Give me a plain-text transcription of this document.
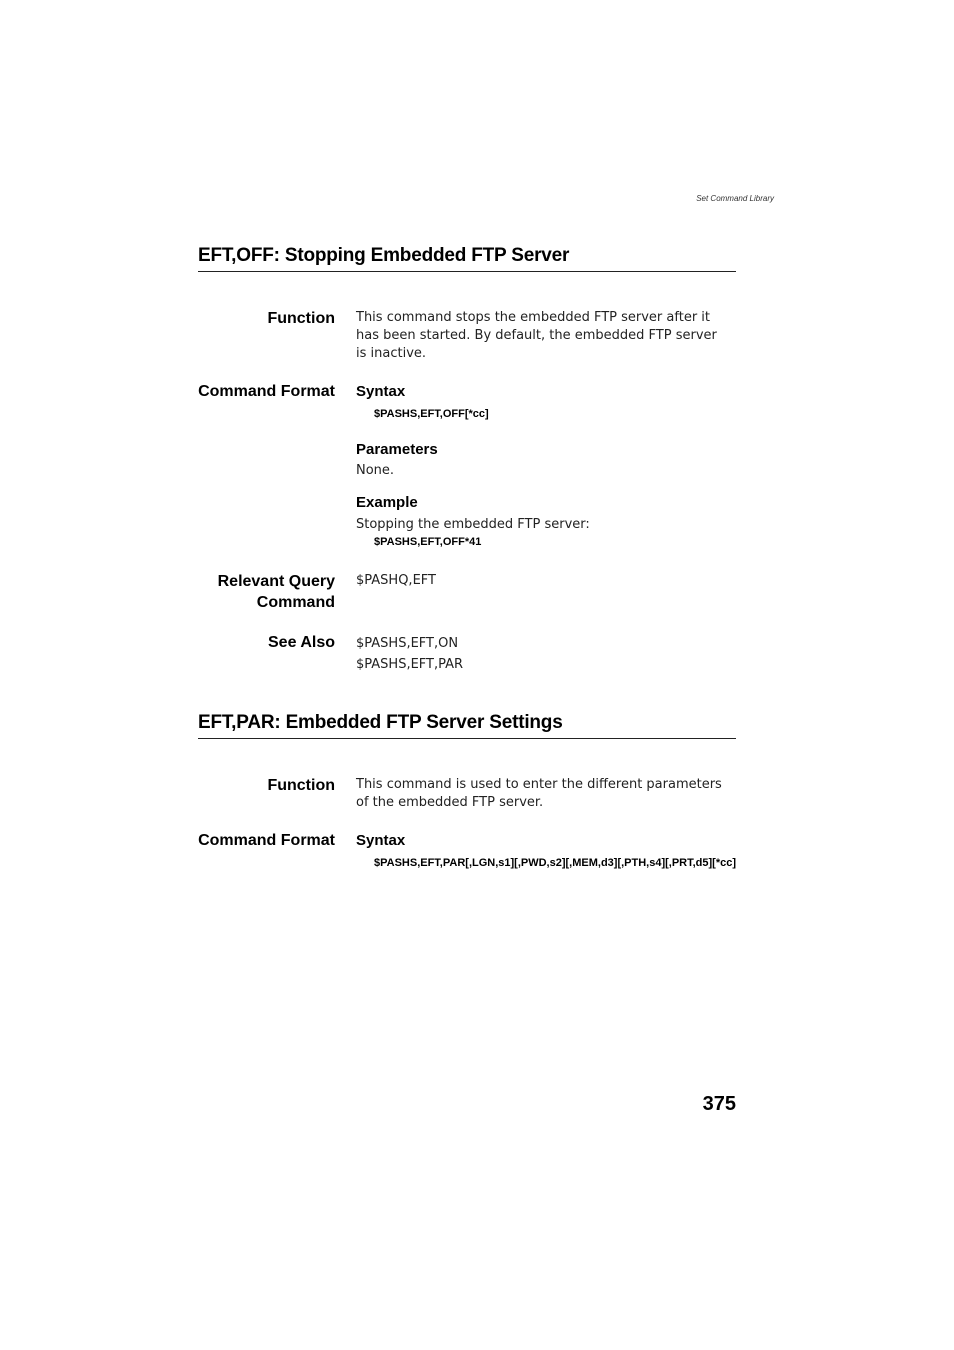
Set Command Library
EFT,OFF: Stopping Embedded FTP Server
Function This command stops the embedded FTP server after it has been started. By default, the embedded FTP server is inactive.

Command Format Syntax

$PASHS,EFT,OFF[*cc]

Parameters

None.

Example

Stopping the embedded FTP server:

$PASHS,EFT,OFF*41

Relevant Query
Command

$PASHQ,EFT

See Also $PASHS,EFT,ON

$PASHS,EFT,PAR

EFT,PAR: Embedded FTP Server Settings
Function This command is used to enter the different parameters of the embedded FTP server.

Command Format Syntax

$PASHS,EFT,PAR[,LGN,s1][,PWD,s2][,MEM,d3][,PTH,s4][,PRT,d5][*cc]

375
